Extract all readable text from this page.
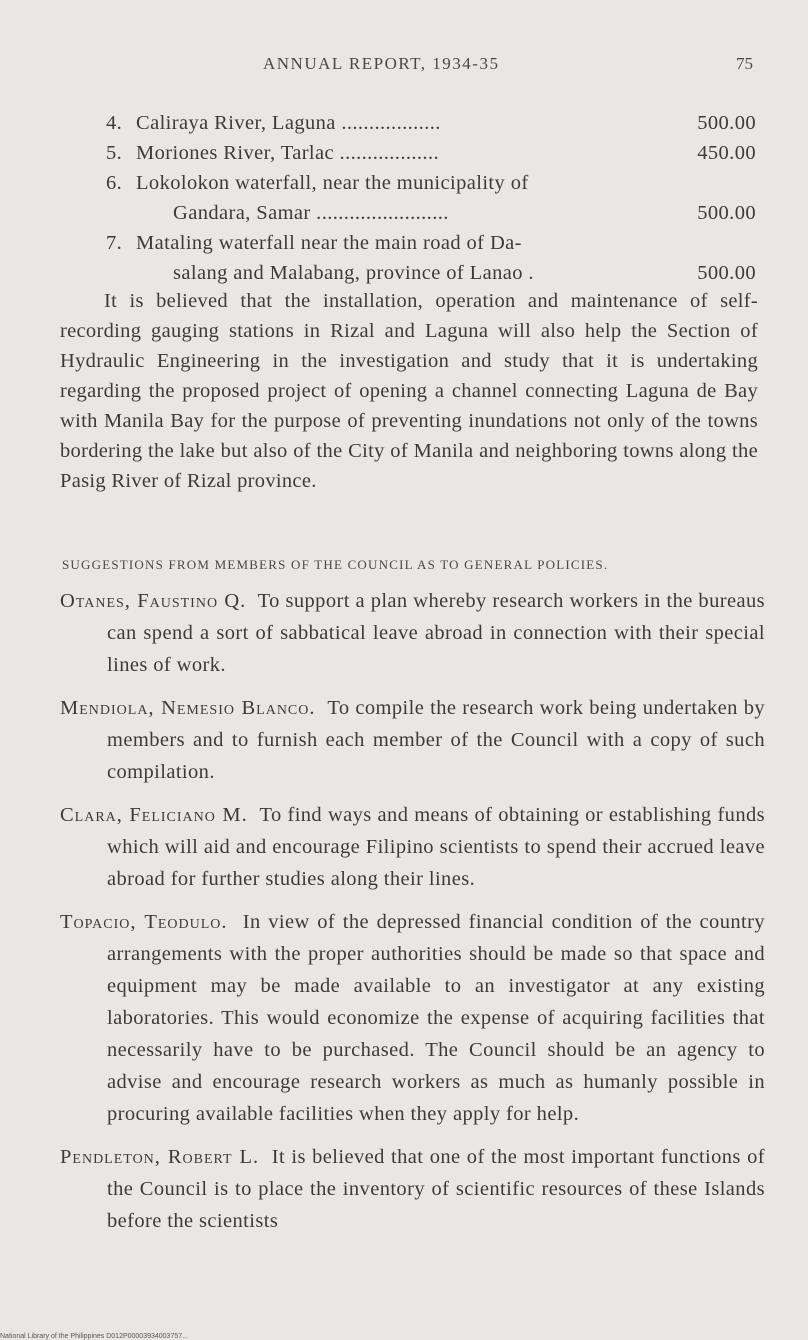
ANNUAL REPORT, 1934-35	75
4. Caliraya River, Laguna ..................	500.00
5. Moriones River, Tarlac ..................	450.00
6. Lokolokon waterfall, near the municipality of
Gandara, Samar ........................	500.00
7. Mataling waterfall near the main road of Da-
salang and Malabang, province of Lanao .	500.00

It is believed that the installation, operation and maintenance of self-recording gauging stations in Rizal and Laguna will also help the Section of Hydraulic Engineering in the investigation and study that it is undertaking regarding the proposed project of opening a channel connecting Laguna de Bay with Manila Bay for the purpose of preventing inundations not only of the towns bordering the lake but also of the City of Manila and neighboring towns along the Pasig River of Rizal province.

SUGGESTIONS FROM MEMBERS OF THE COUNCIL AS TO GENERAL POLICIES.

Otanes, Faustino Q. To support a plan whereby research workers in the bureaus can spend a sort of sabbatical leave abroad in connection with their special lines of work.

Mendiola, Nemesio Blanco. To compile the research work being undertaken by members and to furnish each member of the Council with a copy of such compilation.

Clara, Feliciano M. To find ways and means of obtaining or establishing funds which will aid and encourage Filipino scientists to spend their accrued leave abroad for further studies along their lines.

Topacio, Teodulo. In view of the depressed financial condition of the country arrangements with the proper authorities should be made so that space and equipment may be made available to an investigator at any existing laboratories. This would economize the expense of acquiring facilities that necessarily have to be purchased. The Council should be an agency to advise and encourage research workers as much as humanly possible in procuring available facilities when they apply for help.

Pendleton, Robert L. It is believed that one of the most important functions of the Council is to place the inventory of scientific resources of these Islands before the scientists

National Library of the Philippines D012P00003934003757...
